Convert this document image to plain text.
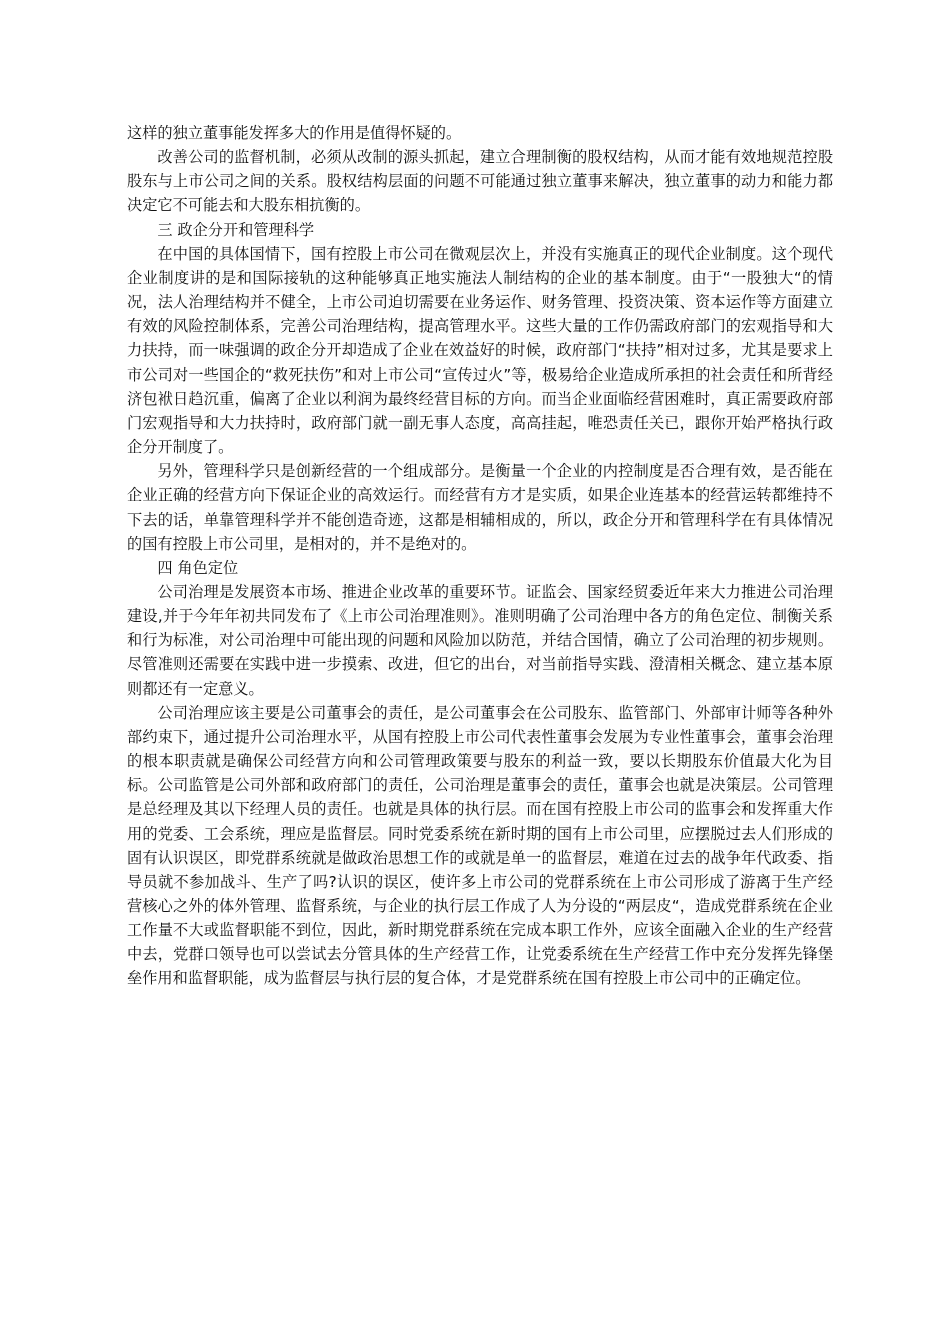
这样的独立董事能发挥多大的作用是值得怀疑的。

改善公司的监督机制，必须从改制的源头抓起，建立合理制衡的股权结构，从而才能有效地规范控股股东与上市公司之间的关系。股权结构层面的问题不可能通过独立董事来解决，独立董事的动力和能力都决定它不可能去和大股东相抗衡的。

三 政企分开和管理科学

在中国的具体国情下，国有控股上市公司在微观层次上，并没有实施真正的现代企业制度。这个现代企业制度讲的是和国际接轨的这种能够真正地实施法人制结构的企业的基本制度。由于“一股独大“的情况，法人治理结构并不健全，上市公司迫切需要在业务运作、财务管理、投资决策、资本运作等方面建立有效的风险控制体系，完善公司治理结构，提高管理水平。这些大量的工作仍需政府部门的宏观指导和大力扶持，而一味强调的政企分开却造成了企业在效益好的时候，政府部门“扶持”相对过多，尤其是要求上市公司对一些国企的“救死扶伤”和对上市公司“宣传过火”等，极易给企业造成所承担的社会责任和所背经济包袱日趋沉重，偏离了企业以利润为最终经营目标的方向。而当企业面临经营困难时，真正需要政府部门宏观指导和大力扶持时，政府部门就一副无事人态度，高高挂起，唯恐责任关已，跟你开始严格执行政企分开制度了。

另外，管理科学只是创新经营的一个组成部分。是衡量一个企业的内控制度是否合理有效，是否能在企业正确的经营方向下保证企业的高效运行。而经营有方才是实质，如果企业连基本的经营运转都维持不下去的话，单靠管理科学并不能创造奇迹，这都是相辅相成的，所以，政企分开和管理科学在有具体情况的国有控股上市公司里，是相对的，并不是绝对的。

四 角色定位

公司治理是发展资本市场、推进企业改革的重要环节。证监会、国家经贸委近年来大力推进公司治理建设,并于今年年初共同发布了《上市公司治理准则》。准则明确了公司治理中各方的角色定位、制衡关系和行为标准，对公司治理中可能出现的问题和风险加以防范，并结合国情，确立了公司治理的初步规则。尽管准则还需要在实践中进一步摸索、改进，但它的出台，对当前指导实践、澄清相关概念、建立基本原则都还有一定意义。

公司治理应该主要是公司董事会的责任，是公司董事会在公司股东、监管部门、外部审计师等各种外部约束下，通过提升公司治理水平，从国有控股上市公司代表性董事会发展为专业性董事会，董事会治理的根本职责就是确保公司经营方向和公司管理政策要与股东的利益一致，要以长期股东价值最大化为目标。公司监管是公司外部和政府部门的责任，公司治理是董事会的责任，董事会也就是决策层。公司管理是总经理及其以下经理人员的责任。也就是具体的执行层。而在国有控股上市公司的监事会和发挥重大作用的党委、工会系统，理应是监督层。同时党委系统在新时期的国有上市公司里，应摆脱过去人们形成的固有认识误区，即党群系统就是做政治思想工作的或就是单一的监督层，难道在过去的战争年代政委、指导员就不参加战斗、生产了吗?认识的误区，使许多上市公司的党群系统在上市公司形成了游离于生产经营核心之外的体外管理、监督系统，与企业的执行层工作成了人为分设的“两层皮“，造成党群系统在企业工作量不大或监督职能不到位，因此，新时期党群系统在完成本职工作外，应该全面融入企业的生产经营中去，党群口领导也可以尝试去分管具体的生产经营工作，让党委系统在生产经营工作中充分发挥先锋堡垒作用和监督职能，成为监督层与执行层的复合体，才是党群系统在国有控股上市公司中的正确定位。
